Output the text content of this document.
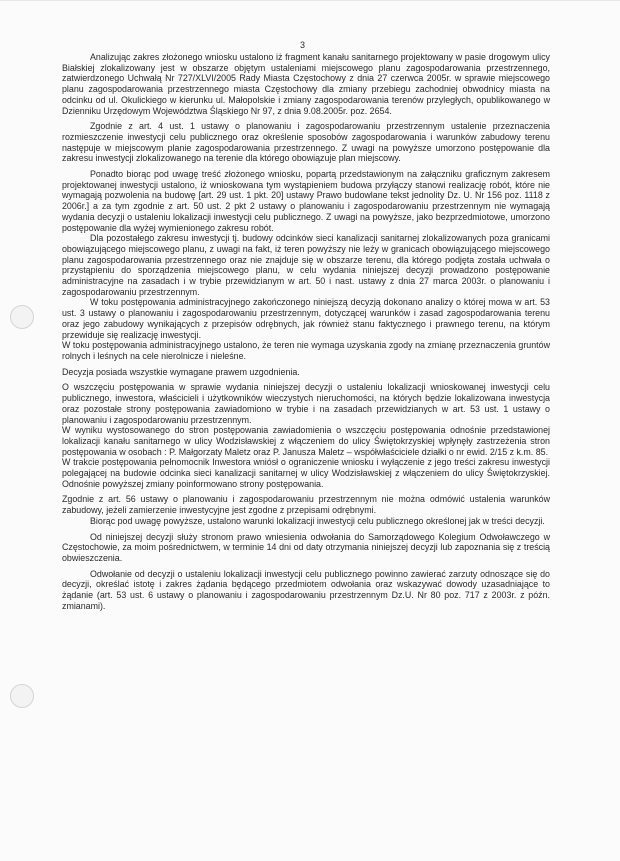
3

Analizując zakres złożonego wniosku ustalono iż fragment kanału sanitarnego projektowany w pasie drogowym ulicy Białskiej zlokalizowany jest w obszarze objętym ustaleniami miejscowego planu zagospodarowania przestrzennego, zatwierdzonego Uchwałą Nr 727/XLVI/2005 Rady Miasta Częstochowy z dnia 27 czerwca 2005r. w sprawie miejscowego planu zagospodarowania przestrzennego miasta Częstochowy dla zmiany przebiegu zachodniej obwodnicy miasta na odcinku od ul. Okulickiego w kierunku ul. Małopolskie i zmiany zagospodarowania terenów przyległych, opublikowanego w Dzienniku Urzędowym Województwa Śląskiego Nr 97, z dnia 9.08.2005r. poz. 2654.

Zgodnie z art. 4 ust. 1 ustawy o planowaniu i zagospodarowaniu przestrzennym ustalenie przeznaczenia rozmieszczenie inwestycji celu publicznego oraz określenie sposobów zagospodarowania i warunków zabudowy terenu następuje w miejscowym planie zagospodarowania przestrzennego. Z uwagi na powyższe umorzono postępowanie dla zakresu inwestycji zlokalizowanego na terenie dla którego obowiązuje plan miejscowy.

Ponadto biorąc pod uwagę treść złożonego wniosku, popartą przedstawionym na załączniku graficznym zakresem projektowanej inwestycji ustalono, iż wnioskowana tym wystąpieniem budowa przyłączy stanowi realizację robót, które nie wymagają pozwolenia na budowę [art. 29 ust. 1 pkt. 20] ustawy Prawo budowlane tekst jednolity Dz. U. Nr 156 poz. 1118 z 2006r.] a za tym zgodnie z art. 50 ust. 2 pkt 2 ustawy o planowaniu i zagospodarowaniu przestrzennym nie wymagają wydania decyzji o ustaleniu lokalizacji inwestycji celu publicznego. Z uwagi na powyższe, jako bezprzedmiotowe, umorzono postępowanie dla wyżej wymienionego zakresu robót.

Dla pozostałego zakresu inwestycji tj. budowy odcinków sieci kanalizacji sanitarnej zlokalizowanych poza granicami obowiązującego miejscowego planu, z uwagi na fakt, iż teren powyższy nie leży w granicach obowiązującego miejscowego planu zagospodarowania przestrzennego oraz nie znajduje się w obszarze terenu, dla którego podjęta została uchwała o przystąpieniu do sporządzenia miejscowego planu, w celu wydania niniejszej decyzji prowadzono postępowanie administracyjne na zasadach i w trybie przewidzianym w art. 50 i nast. ustawy z dnia 27 marca 2003r. o planowaniu i zagospodarowaniu przestrzennym.

W toku postępowania administracyjnego zakończonego niniejszą decyzją dokonano analizy o której mowa w art. 53 ust. 3 ustawy o planowaniu i zagospodarowaniu przestrzennym, dotyczącej warunków i zasad zagospodarowania terenu oraz jego zabudowy wynikających z przepisów odrębnych, jak również stanu faktycznego i prawnego terenu, na którym przewiduje się realizację inwestycji.

W toku postępowania administracyjnego ustalono, że teren nie wymaga uzyskania zgody na zmianę przeznaczenia gruntów rolnych i leśnych na cele nierolnicze i nieleśne.

Decyzja posiada wszystkie wymagane prawem uzgodnienia.

O wszczęciu postępowania w sprawie wydania niniejszej decyzji o ustaleniu lokalizacji wnioskowanej inwestycji celu publicznego, inwestora, właścicieli i użytkowników wieczystych nieruchomości, na których będzie lokalizowana inwestycja oraz pozostałe strony postępowania zawiadomiono w trybie i na zasadach przewidzianych w art. 53 ust. 1 ustawy o planowaniu i zagospodarowaniu przestrzennym.

W wyniku wystosowanego do stron postępowania zawiadomienia o wszczęciu postępowania odnośnie przedstawionej lokalizacji kanału sanitarnego w ulicy Wodzisławskiej z włączeniem do ulicy Świętokrzyskiej wpłynęły zastrzeżenia stron postępowania w osobach : P. Małgorzaty Maletz oraz P. Janusza Maletz – współwłaściciele działki o nr ewid. 2/15 z k.m. 85.

W trakcie postępowania pełnomocnik Inwestora wniósł o ograniczenie wniosku i wyłączenie z jego treści zakresu inwestycji polegającej na budowie odcinka sieci kanalizacji sanitarnej w ulicy Wodzisławskiej z włączeniem do ulicy Świętokrzyskiej. Odnośnie powyższej zmiany poinformowano strony postępowania.

Zgodnie z art. 56 ustawy o planowaniu i zagospodarowaniu przestrzennym nie można odmówić ustalenia warunków zabudowy, jeżeli zamierzenie inwestycyjne jest zgodne z przepisami odrębnymi.

Biorąc pod uwagę powyższe, ustalono warunki lokalizacji inwestycji celu publicznego określonej jak w treści decyzji.

Od niniejszej decyzji służy stronom prawo wniesienia odwołania do Samorządowego Kolegium Odwoławczego w Częstochowie, za moim pośrednictwem, w terminie 14 dni od daty otrzymania niniejszej decyzji lub zapoznania się z treścią obwieszczenia.

Odwołanie od decyzji o ustaleniu lokalizacji inwestycji celu publicznego powinno zawierać zarzuty odnoszące się do decyzji, określać istotę i zakres żądania będącego przedmiotem odwołania oraz wskazywać dowody uzasadniające to żądanie (art. 53 ust. 6 ustawy o planowaniu i zagospodarowaniu przestrzennym Dz.U. Nr 80 poz. 717 z 2003r. z późn. zmianami).
